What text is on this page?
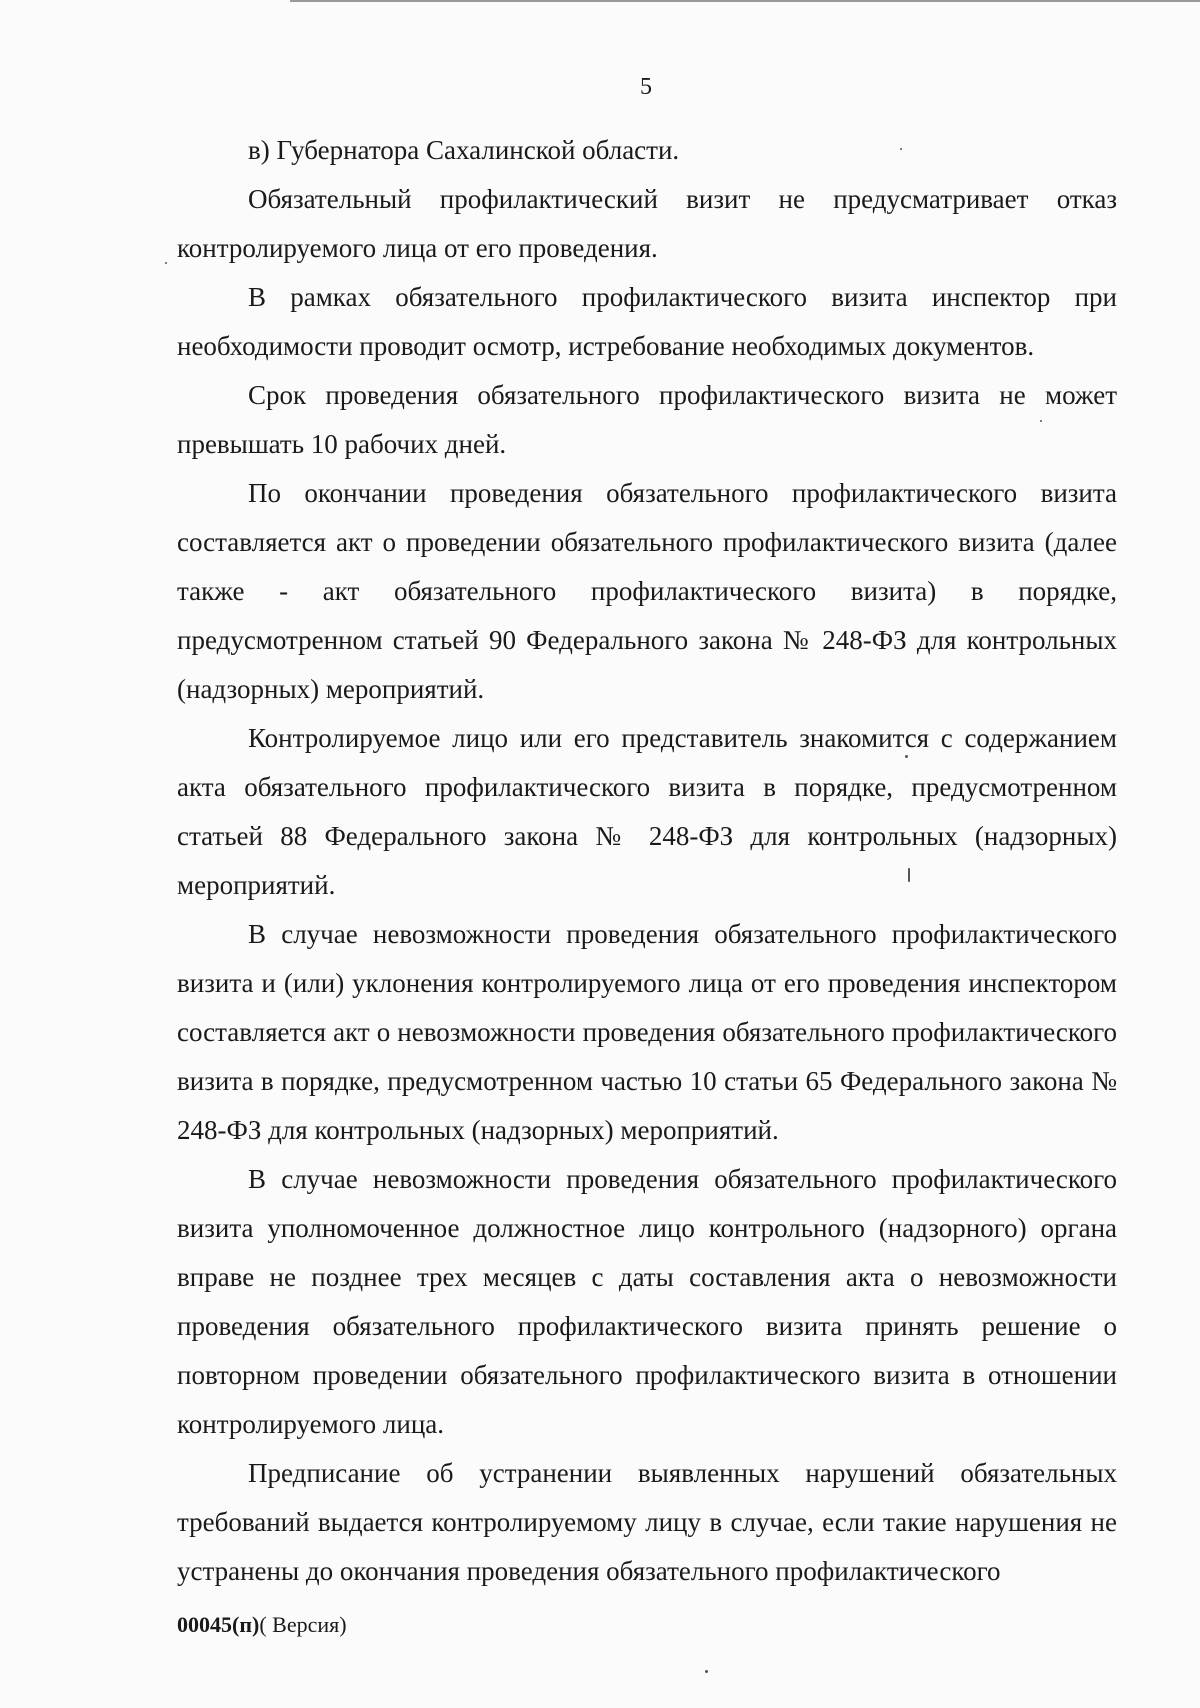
5

в) Губернатора Сахалинской области.

Обязательный профилактический визит не предусматривает отказ контролируемого лица от его проведения.

В рамках обязательного профилактического визита инспектор при необходимости проводит осмотр, истребование необходимых документов.

Срок проведения обязательного профилактического визита не может превышать 10 рабочих дней.

По окончании проведения обязательного профилактического визита составляется акт о проведении обязательного профилактического визита (далее также - акт обязательного профилактического визита) в порядке, предусмотренном статьей 90 Федерального закона № 248-ФЗ для контрольных (надзорных) мероприятий.

Контролируемое лицо или его представитель знакомится с содержанием акта обязательного профилактического визита в порядке, предусмотренном статьей 88 Федерального закона № 248-ФЗ для контрольных (надзорных) мероприятий.

В случае невозможности проведения обязательного профилактического визита и (или) уклонения контролируемого лица от его проведения инспектором составляется акт о невозможности проведения обязательного профилактического визита в порядке, предусмотренном частью 10 статьи 65 Федерального закона № 248-ФЗ для контрольных (надзорных) мероприятий.

В случае невозможности проведения обязательного профилактического визита уполномоченное должностное лицо контрольного (надзорного) органа вправе не позднее трех месяцев с даты составления акта о невозможности проведения обязательного профилактического визита принять решение о повторном проведении обязательного профилактического визита в отношении контролируемого лица.

Предписание об устранении выявленных нарушений обязательных требований выдается контролируемому лицу в случае, если такие нарушения не устранены до окончания проведения обязательного профилактического

00045(п)( Версия)
